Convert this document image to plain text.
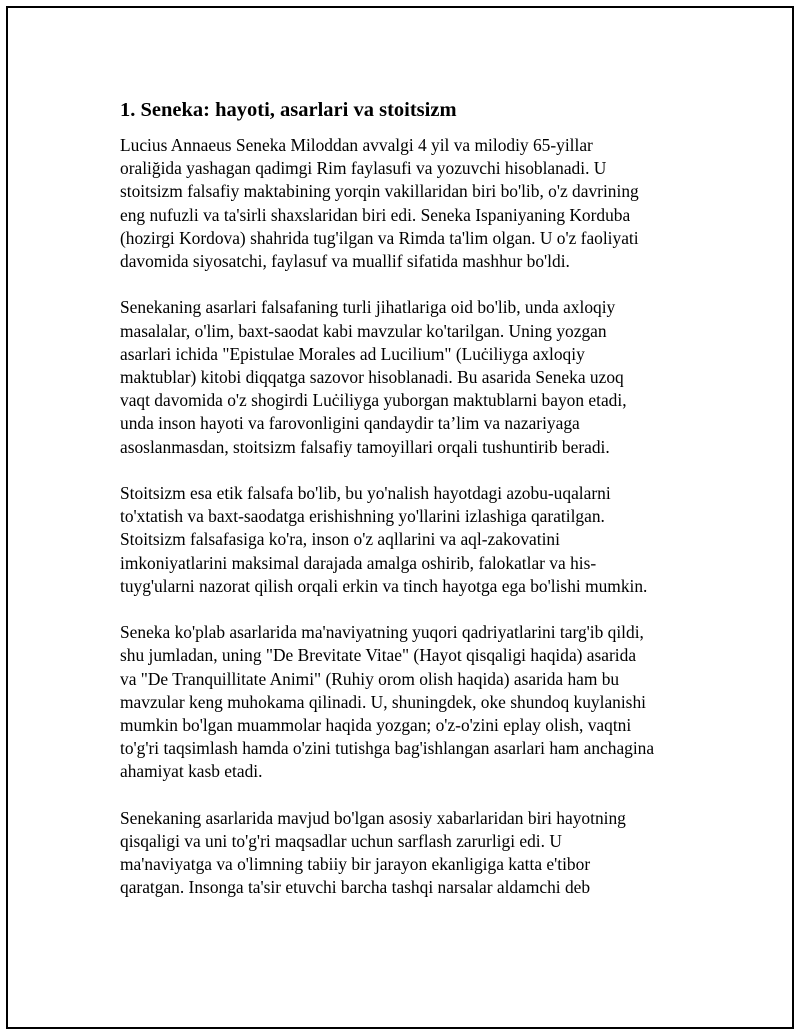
1. Seneka: hayoti, asarlari va stoitsizm

Lucius Annaeus Seneka Miloddan avvalgi 4 yil va milodiy 65-yillar
oraliğida yashagan qadimgi Rim faylasufi va yozuvchi hisoblanadi. U
stoitsizm falsafiy maktabining yorqin vakillaridan biri bo'lib, o'z davrining
eng nufuzli va ta'sirli shaxslaridan biri edi. Seneka Ispaniyaning Korduba
(hozirgi Kordova) shahrida tug'ilgan va Rimda ta'lim olgan. U o'z faoliyati
davomida siyosatchi, faylasuf va muallif sifatida mashhur bo'ldi.

Senekaning asarlari falsafaning turli jihatlariga oid bo'lib, unda axloqiy
masalalar, o'lim, baxt-saodat kabi mavzular ko'tarilgan. Uning yozgan
asarlari ichida "Epistulae Morales ad Lucilium" (Luċiliyga axloqiy
maktublar) kitobi diqqatga sazovor hisoblanadi. Bu asarida Seneka uzoq
vaqt davomida o'z shogirdi Luċiliyga yuborgan maktublarni bayon etadi,
unda inson hayoti va farovonligini qandaydir ta’lim va nazariyaga
asoslanmasdan, stoitsizm falsafiy tamoyillari orqali tushuntirib beradi.

Stoitsizm esa etik falsafa bo'lib, bu yo'nalish hayotdagi azobu-uqalarni
to'xtatish va baxt-saodatga erishishning yo'llarini izlashiga qaratilgan.
Stoitsizm falsafasiga ko'ra, inson o'z aqllarini va aql-zakovatini
imkoniyatlarini maksimal darajada amalga oshirib, falokatlar va his-
tuyg'ularni nazorat qilish orqali erkin va tinch hayotga ega bo'lishi mumkin.

Seneka ko'plab asarlarida ma'naviyatning yuqori qadriyatlarini targ'ib qildi,
shu jumladan, uning "De Brevitate Vitae" (Hayot qisqaligi haqida) asarida
va "De Tranquillitate Animi" (Ruhiy orom olish haqida) asarida ham bu
mavzular keng muhokama qilinadi. U, shuningdek, oke shundoq kuylanishi
mumkin bo'lgan muammolar haqida yozgan; o'z-o'zini eplay olish, vaqtni
to'g'ri taqsimlash hamda o'zini tutishga bag'ishlangan asarlari ham anchagina
ahamiyat kasb etadi.

Senekaning asarlarida mavjud bo'lgan asosiy xabarlaridan biri hayotning
qisqaligi va uni to'g'ri maqsadlar uchun sarflash zarurligi edi. U
ma'naviyatga va o'limning tabiiy bir jarayon ekanligiga katta e'tibor
qaratgan. Insonga ta'sir etuvchi barcha tashqi narsalar aldamchi deb
